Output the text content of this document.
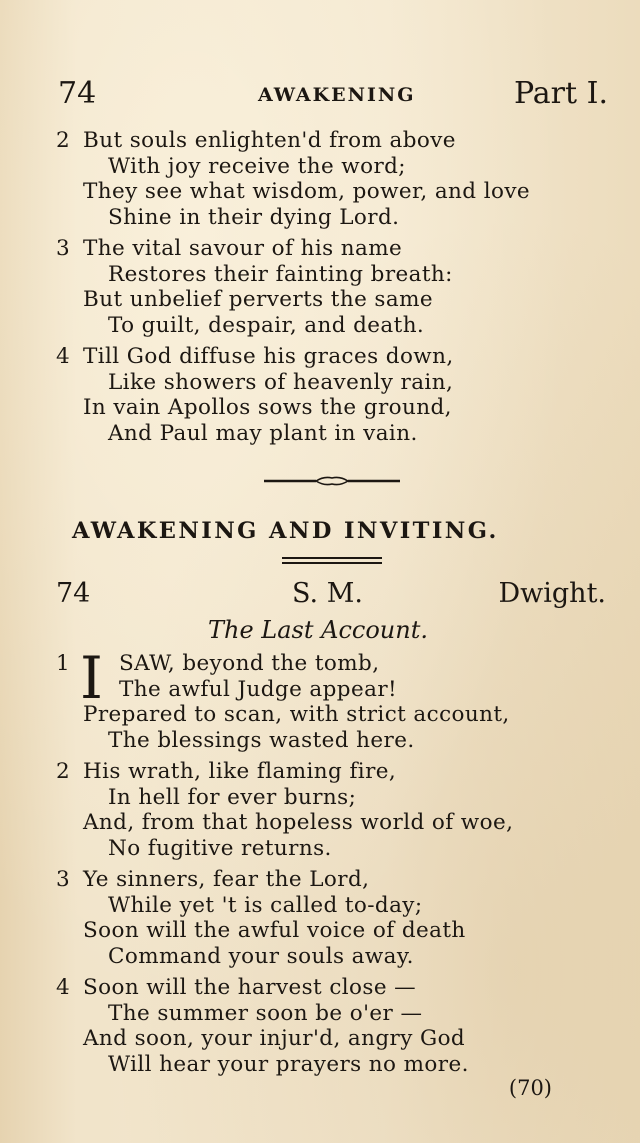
74	AWAKENING	Part I.
2 But souls enlighten'd from above
With joy receive the word;
They see what wisdom, power, and love
Shine in their dying Lord.
3 The vital savour of his name
Restores their fainting breath:
But unbelief perverts the same
To guilt, despair, and death.
4 Till God diffuse his graces down,
Like showers of heavenly rain,
In vain Apollos sows the ground,
And Paul may plant in vain.
AWAKENING AND INVITING.
74	S. M.	Dwight.
The Last Account.
I
1 SAW, beyond the tomb,
The awful Judge appear!
Prepared to scan, with strict account,
The blessings wasted here.
2 His wrath, like flaming fire,
In hell for ever burns;
And, from that hopeless world of woe,
No fugitive returns.
3 Ye sinners, fear the Lord,
While yet 't is called to-day;
Soon will the awful voice of death
Command your souls away.
4 Soon will the harvest close —
The summer soon be o'er —
And soon, your injur'd, angry God
Will hear your prayers no more.
(70)
